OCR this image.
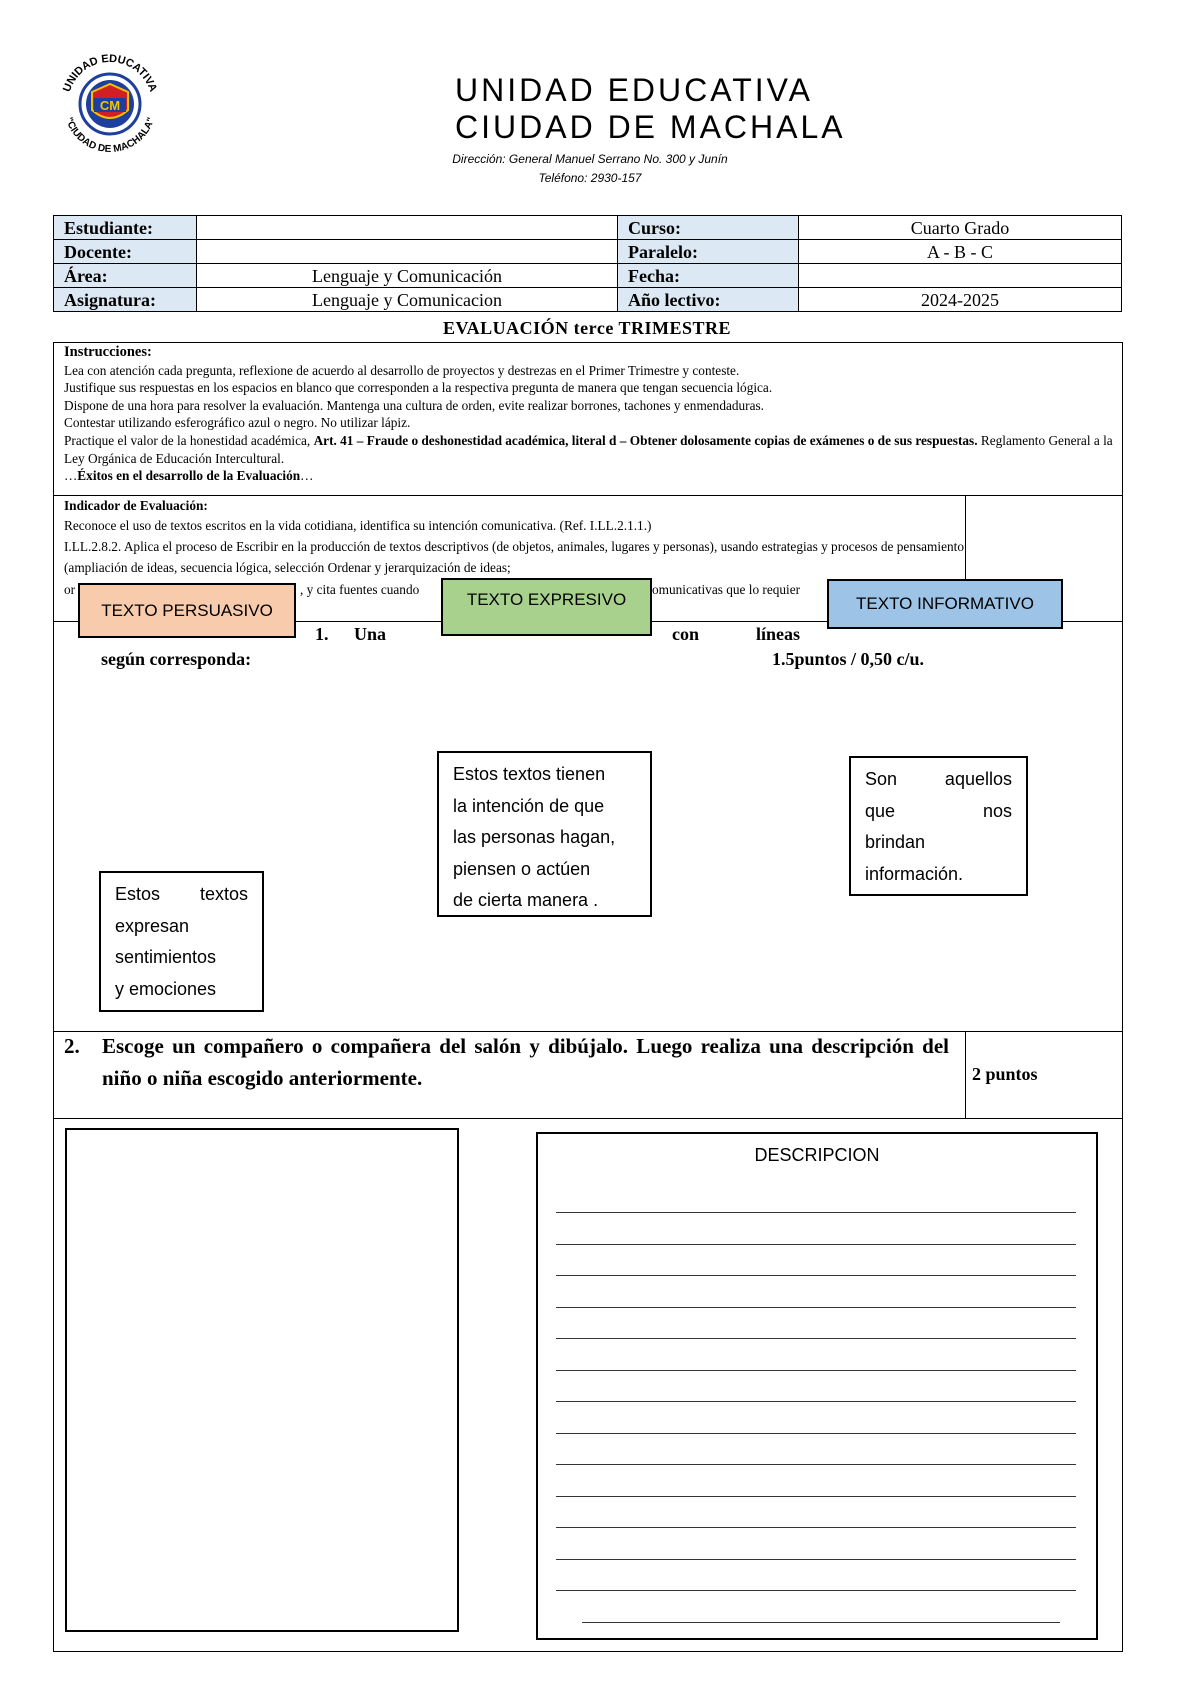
CM
UNIDAD EDUCATIVA
"CIUDAD DE MACHALA"
UNIDAD EDUCATIVA
CIUDAD DE MACHALA
Dirección: General Manuel Serrano No. 300 y Junín
Teléfono: 2930-157
Estudiante:		Curso:	Cuarto Grado
Docente:		Paralelo:	A - B - C
Área:	Lenguaje y Comunicación	Fecha:	
Asignatura:	Lenguaje y Comunicacion	Año lectivo:	2024-2025
EVALUACIÓN terce TRIMESTRE
Instrucciones:
Lea con atención cada pregunta, reflexione de acuerdo al desarrollo de proyectos y destrezas en el Primer Trimestre y conteste.
Justifique sus respuestas en los espacios en blanco que corresponden a la respectiva pregunta de manera que tengan secuencia lógica.
Dispone de una hora para resolver la evaluación. Mantenga una cultura de orden, evite realizar borrones, tachones y enmendaduras.
Contestar utilizando esferográfico azul o negro. No utilizar lápiz.
Practique el valor de la honestidad académica, Art. 41 – Fraude o deshonestidad académica, literal d – Obtener dolosamente copias de exámenes o de sus respuestas. Reglamento General a la Ley Orgánica de Educación Intercultural.
…Éxitos en el desarrollo de la Evaluación…
Indicador de Evaluación:
Reconoce el uso de textos escritos en la vida cotidiana, identifica su intención comunicativa. (Ref. I.LL.2.1.1.)
I.LL.2.8.2. Aplica el proceso de Escribir en la producción de textos descriptivos (de objetos, animales, lugares y personas), usando estrategias y procesos de pensamiento (ampliación de ideas, secuencia lógica, selección Ordenar y jerarquización de ideas;
or	, y cita fuentes cuando	omunicativas que lo requier
1. Una	con	líneas
según corresponda:	1.5puntos / 0,50 c/u.
TEXTO PERSUASIVO
TEXTO EXPRESIVO	TEXTO INFORMATIVO
Estos textos tienen
la intención de que
las personas hagan,
piensen o actúen
de cierta manera .
Son aquellos
que nos
brindan
información.
Estos textos
expresan
sentimientos
y emociones
2.	Escoge un compañero o compañera del salón y dibújalo. Luego realiza una descripción del niño o niña escogido anteriormente.	2 puntos
DESCRIPCION
